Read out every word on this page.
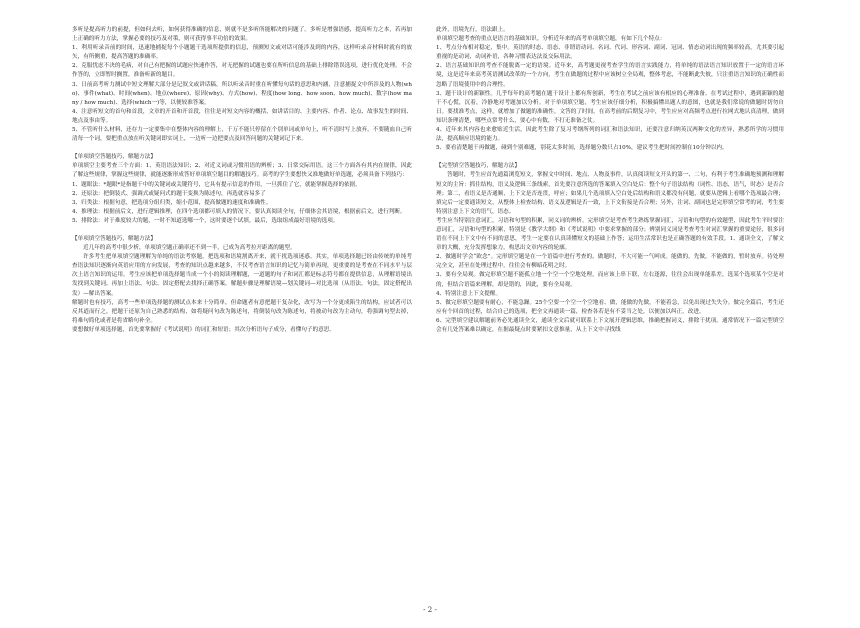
多听是提高听力的前提，但如何去听，如何获得准确的信息，则就不是多听所能解决的问题了。多听是增强语感，提高听力之本，若再加上正确的听力方法，掌握必要的技巧及对策，则可获得事半功倍的效果。

1、利用听录音前的时间，迅速地捕捉每个小题题干选项所提供的信息，预测短文或对话可能涉及到的内容，这样听录音材料时就有的放矢，有所侧重，提高答题的准确率。

2、克服忧虑不决的毛病，对自己有把握的试题应快速作答，对无把握的试题也要在所听信息的基础上排除错误选项，进行优化处理。不会作答的，立即暂时搁置，准备听新的题目。

3、日前高考听力测试中短文理解大部分是记叙文或讲话稿，所以听录音时重在听懂每句话的意思和内涵，注意捕捉文中所涉及的人物(who)、事件(what)、时间(when)、地点(where)、原因(why)、方式(how)、程度(how long、how soon、how much)、数字(how many / how much)、选择(which一)等，以便较准答案。

4、注意听短文的首句和首段，文章的开首和开首段，往往是对短文内容的概括，如讲话目的、主要内容、作者、论点、故事发生的时间、地点及事由等。

5、不管听什么材料，还存力一定要集中在整体内容的理解上，千万不能只停留在个别单词或单句上，听不清时写上放弃，不要随血自己听清每一个词，要把重点放在听关键词即实词上，一边听一边把要点及回答问题的关键词记下来。

【单项填空答题技巧，解题方法】

单项填空主要考查三个方面：1、英语语法知识；2、对近义词或习惯用语的辨析；3、日常交际用语。这三个方面各有其内在规律，因此了解这些规律，掌握这些规律，就能逐渐形成答好单项填空题目的解题技巧。高考的学生要想快又准地做好单选题，必须具备下列技巧：

1、题眼法：*题眼*是指题干中的关键词或关键符号，它具有提示信息的作用，一旦抓住了它，就能掌握选择的依据。

2、还原法：把倒装式、强调式或疑问式的题干变换为陈述句，再选就容易多了

3、归类法：根据句意，把选项分组归类，缩小范围，提高做题的速度和准确性。

4、推理法：根据前后文，进行逻辑推理，在四个选项都可填入的情况下，要认真阅读全句，仔细体会其语境，根据前后文，进行判断。

5、排除法：对于难度较大的题，一时不知道选哪一个，这时要逐个试填，最后，选取组成最好语境的选项。

【单项填空答题技巧，解题方法】

近几年的高考中很少析，单项填空题正确率还不到一半，已成为高考拉开距离的题型。

许多考生把单项填空题理解为单纯的语法考察题，把选项和语境割离开来，就干扰选项迷惑。其实，单项选择题已经由传统的单纯考查语法知识逐渐向英语应用的方向发展，考查的知识点越来越多，不仅考查语言知识的记忆与简单再现，更重要的是考查在不同水平与层次上语言知识的运用。考生应该把单项选择题当成一个小的阅读理解题，一道题的句子和词汇都是标志符号都在提供信息，从理解语境出发找到关键词，再加上语法、句法、固定搭配去找择正确答案。解题步骤是理解语境—划关键词—对比选项（从语法，句法，固定搭配出发）—解出答案。

解题时也有技巧，高考一些单项选择题的测试点本来十分简单，但命题者有意把题干复杂化，改写为一个分更成陷生的结构，应试者可以反其道而行之，把题干还原为自己熟悉的结构，如将疑问句改为陈述句，将倒装句改为陈述句，将被动句改为主动句，将强调句型去掉，将难句简化或者是将省略句补全。

要想做好单项选择题，首先要掌握好《考试说明》的词汇和短语；其次分析语句子成分，看懂句子的意思。

此外，语境先行，语法跟上。

单项填空题考查的重点是语言的基础知识。分析近年来的高考单项填空题，有如下几个特点：

1、考点分布相对稳定，集中。英语的时态、语态、非谓语动词、名词、代词、形容词、副词、冠词、情态动词出现的频率较高，尤其要引起重视的是动词，动词补语，各种习惯表达法及交际用法。

2、语言基础知识的考查不能脱离一定的语境。近年来，高考题更视考查学生的语言实践能力，将单纯的语法语言知识放置于一定的语言环境，这是近年来高考英语测试改革的一个方向，考生在做题的过程中应该树立全局观，整体考虑，不能断此失彼，只注重语言知识的正确性而忽略了语境使用中的合理性。

3、题干设计的新颖性。几乎每年的高考题在题干设计上都有所创新，考生在考试之前应该有相应的心理准备。在考试过程中，遇到新颖的题干不心慌，沉着，冷静地对考题加以分析。对于单项填空题，考生应该仔细分析，积极搞懂出题人的意图，也就是我们常说的做题时切勿自日。要找准考点，这样，就增加了做题的准确性。文答的了时间，在高考前的后期复习中，考生应应对高频考点进行拉网式地认真清理，做到知识条理清楚，哪些点常考什么，要心中有数，不打无准备之仗。

4、近年来其内容也来愈贴近生活，因此考生除了复习考纲所列的词汇和语法知识，还要注意归纳英汉两种文化的差异，熟悉所学的习惯用法，提高顺应语境的能力。

5、要看清楚题干再做题，碰到个别难题，别花太多时间，选择题分数只占10%，建议考生把时间控制在10分钟以内。

【完型填空答题技巧，解题方法】

答题时，考生应首先通篇浏览短文，掌握文中时间、地点、人物及事件，认真阅读短文开头的第一、二句，有利于考生准确地预测和理解短文的主旨：抓住结构，语义及逻辑三条线索，首先要注意所选的答案填入空白处后：整个句子语法结构（词性、语态，语气，时态）是否合理；第二，看语义是否通顺，上下文是否连贯，呼应；如果几个选项填入空白处后结构和语义都没有问题，就要从逻辑上看哪个选项最合理；填完后一定要通读短文，从整体上检查结构、语义及逻辑是否一致，上下文衔接是否合理；另外，注词、副词也是完形填空常考的词，考生要特别注意上下文的语气，语态。

考生应当特别注意词汇，习语和句型的积累，同义词的辨析。完形填空是考查考生熟练掌握词汇，习语和句型的有效题型，因此考生平时要注意词汇，习语和句型的积累，特别是《教学大纲》和《考试说明》中要求掌握的部分；辨别同义词是考查考生对词汇掌握的重要途径，很多词语在不同上下文中有不同的意思，考生一定要在认真读懂短文的基础上作答；运用生活常识也是正确答题的有效手段。1、通读全文，了解文章的大概，充分发挥想象力，构思出文章内容的轮廓。

2、做题时学会“欧念”。完形填空题是在一个语篇中进行考查的，做题时，不大可能一气呵成。能做的，先做，不能做的，暂时放弃。待处理完全文，甚至在处理过程中，往往会有柳暗花明之时。

3、要有全局观。做完形填空题不能孤立地一个空一个空地处理，而应该上串下联，左右逢源，往往会出现单能系差，选某个选项某个空是对的，但结合语篇来理解，却是错的，因此，要有全局观。

4、特别注意上下文提醒。

5、做完形填空题要有耐心，不能急躁。25个空要一个空一个空地看、做，能做的先做，不能着急，以免出现过失失分。做完全篇后，考生还应有个回首的过程，结合自己的选项，把全文再通读一篇，检查各若是有不妥当之处，以便加以纠正，改进。

6、完型填空建议解题前务必先通读全文，通读全文后就可联系上下文展开逻辑思维，推确把握词义，排除干扰项。通常情况下一篇完型填空会有几处答案难以确定，在据最疑点时要紧扣文意推量，从上下文中寻找线

- 2 -
